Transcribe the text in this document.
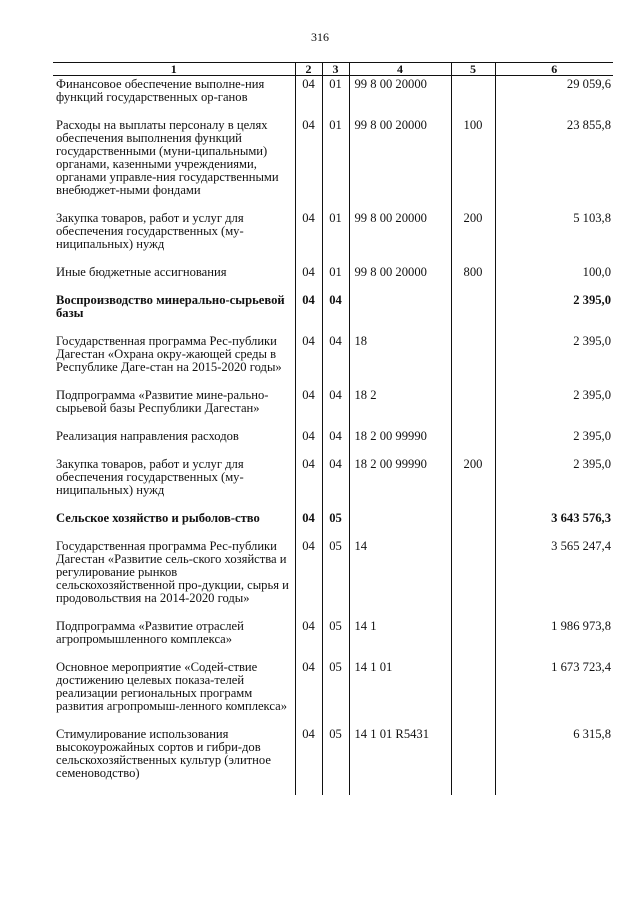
316
1	2	3	4	5	6
Финансовое обеспечение выполне-ния функций государственных ор-ганов	04	01	99 8 00 20000		29 059,6
Расходы на выплаты персоналу в целях обеспечения выполнения функций государственными (муни-ципальными) органами, казенными учреждениями, органами управле-ния государственными внебюджет-ными фондами	04	01	99 8 00 20000	100	23 855,8
Закупка товаров, работ и услуг для обеспечения государственных (му-ниципальных) нужд	04	01	99 8 00 20000	200	5 103,8
Иные бюджетные ассигнования	04	01	99 8 00 20000	800	100,0
Воспроизводство минерально-сырьевой базы	04	04			2 395,0
Государственная программа Рес-публики Дагестан «Охрана окру-жающей среды в Республике Даге-стан на 2015-2020 годы»	04	04	18		2 395,0
Подпрограмма «Развитие мине-рально-сырьевой базы Республики Дагестан»	04	04	18 2		2 395,0
Реализация направления расходов	04	04	18 2 00 99990		2 395,0
Закупка товаров, работ и услуг для обеспечения государственных (му-ниципальных) нужд	04	04	18 2 00 99990	200	2 395,0
Сельское хозяйство и рыболов-ство	04	05			3 643 576,3
Государственная программа Рес-публики Дагестан «Развитие сель-ского хозяйства и регулирование рынков сельскохозяйственной про-дукции, сырья и продовольствия на 2014-2020 годы»	04	05	14		3 565 247,4
Подпрограмма «Развитие отраслей агропромышленного комплекса»	04	05	14 1		1 986 973,8
Основное мероприятие «Содей-ствие достижению целевых показа-телей реализации региональных программ развития агропромыш-ленного комплекса»	04	05	14 1 01		1 673 723,4
Стимулирование использования высокоурожайных сортов и гибри-дов сельскохозяйственных культур (элитное семеноводство)	04	05	14 1 01 R5431		6 315,8
